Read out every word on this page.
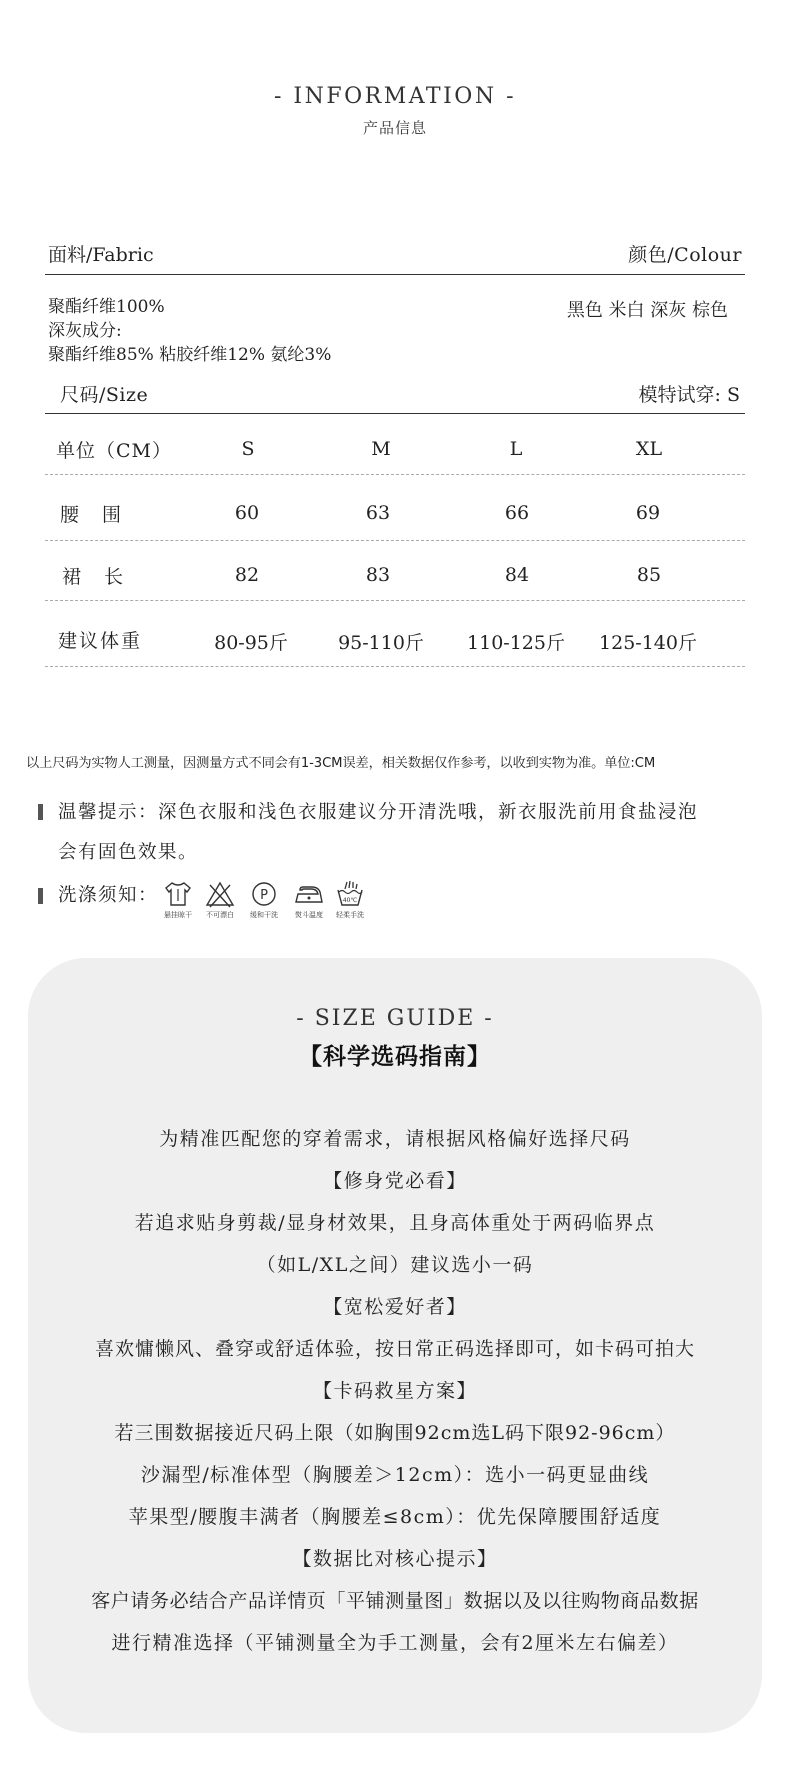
- INFORMATION -
产品信息
面料/Fabric	颜色/Colour
聚酯纤维100%
深灰成分:
聚酯纤维85% 粘胶纤维12% 氨纶3%
黑色 米白 深灰 棕色
尺码/Size	模特试穿: S
单位（CM）	S	M	L	XL
腰　围	60	63	66	69
裙　长	82	83	84	85
建议体重	80-95斤	95-110斤	110-125斤	125-140斤
以上尺码为实物人工测量，因测量方式不同会有1-3CM误差，相关数据仅作参考，以收到实物为准。单位:CM
温馨提示：深色衣服和浅色衣服建议分开清洗哦，新衣服洗前用食盐浸泡
会有固色效果。
洗涤须知：
悬挂晾干	不可漂白
P
缓和干洗	熨斗温度
40℃
轻柔手洗
- SIZE GUIDE -
【科学选码指南】
为精准匹配您的穿着需求，请根据风格偏好选择尺码
【修身党必看】
若追求贴身剪裁/显身材效果，且身高体重处于两码临界点
（如L/XL之间）建议选小一码
【宽松爱好者】
喜欢慵懒风、叠穿或舒适体验，按日常正码选择即可，如卡码可拍大
【卡码救星方案】
若三围数据接近尺码上限（如胸围92cm选L码下限92-96cm）
沙漏型/标准体型（胸腰差＞12cm）：选小一码更显曲线
苹果型/腰腹丰满者（胸腰差≤8cm）：优先保障腰围舒适度
【数据比对核心提示】
客户请务必结合产品详情页「平铺测量图」数据以及以往购物商品数据
进行精准选择（平铺测量全为手工测量，会有2厘米左右偏差）
